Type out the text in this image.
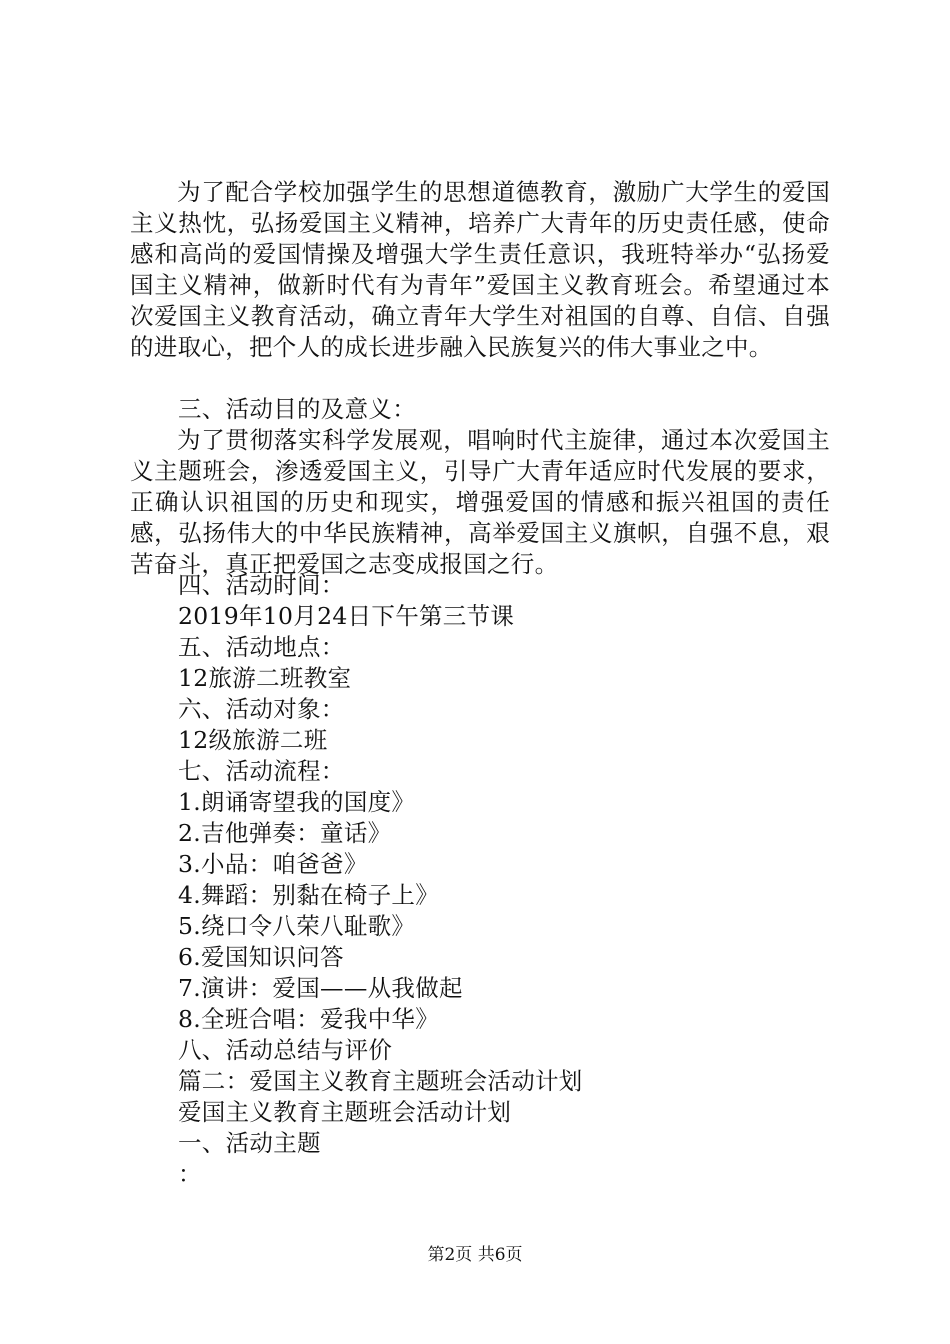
为了配合学校加强学生的思想道德教育，激励广大学生的爱国主义热忱，弘扬爱国主义精神，培养广大青年的历史责任感，使命感和高尚的爱国情操及增强大学生责任意识，我班特举办“弘扬爱国主义精神，做新时代有为青年”爱国主义教育班会。希望通过本次爱国主义教育活动，确立青年大学生对祖国的自尊、自信、自强的进取心，把个人的成长进步融入民族复兴的伟大事业之中。

三、活动目的及意义：

为了贯彻落实科学发展观，唱响时代主旋律，通过本次爱国主义主题班会，渗透爱国主义，引导广大青年适应时代发展的要求，正确认识祖国的历史和现实，增强爱国的情感和振兴祖国的责任感，弘扬伟大的中华民族精神，高举爱国主义旗帜，自强不息，艰苦奋斗，真正把爱国之志变成报国之行。

四、活动时间：

2019年10月24日下午第三节课

五、活动地点：

12旅游二班教室

六、活动对象：

12级旅游二班

七、活动流程：

1.朗诵寄望我的国度》

2.吉他弹奏：童话》

3.小品：咱爸爸》

4.舞蹈：别黏在椅子上》

5.绕口令八荣八耻歌》

6.爱国知识问答

7.演讲：爱国——从我做起

8.全班合唱：爱我中华》

八、活动总结与评价

篇二：爱国主义教育主题班会活动计划

爱国主义教育主题班会活动计划

一、活动主题

：

第2页 共6页
